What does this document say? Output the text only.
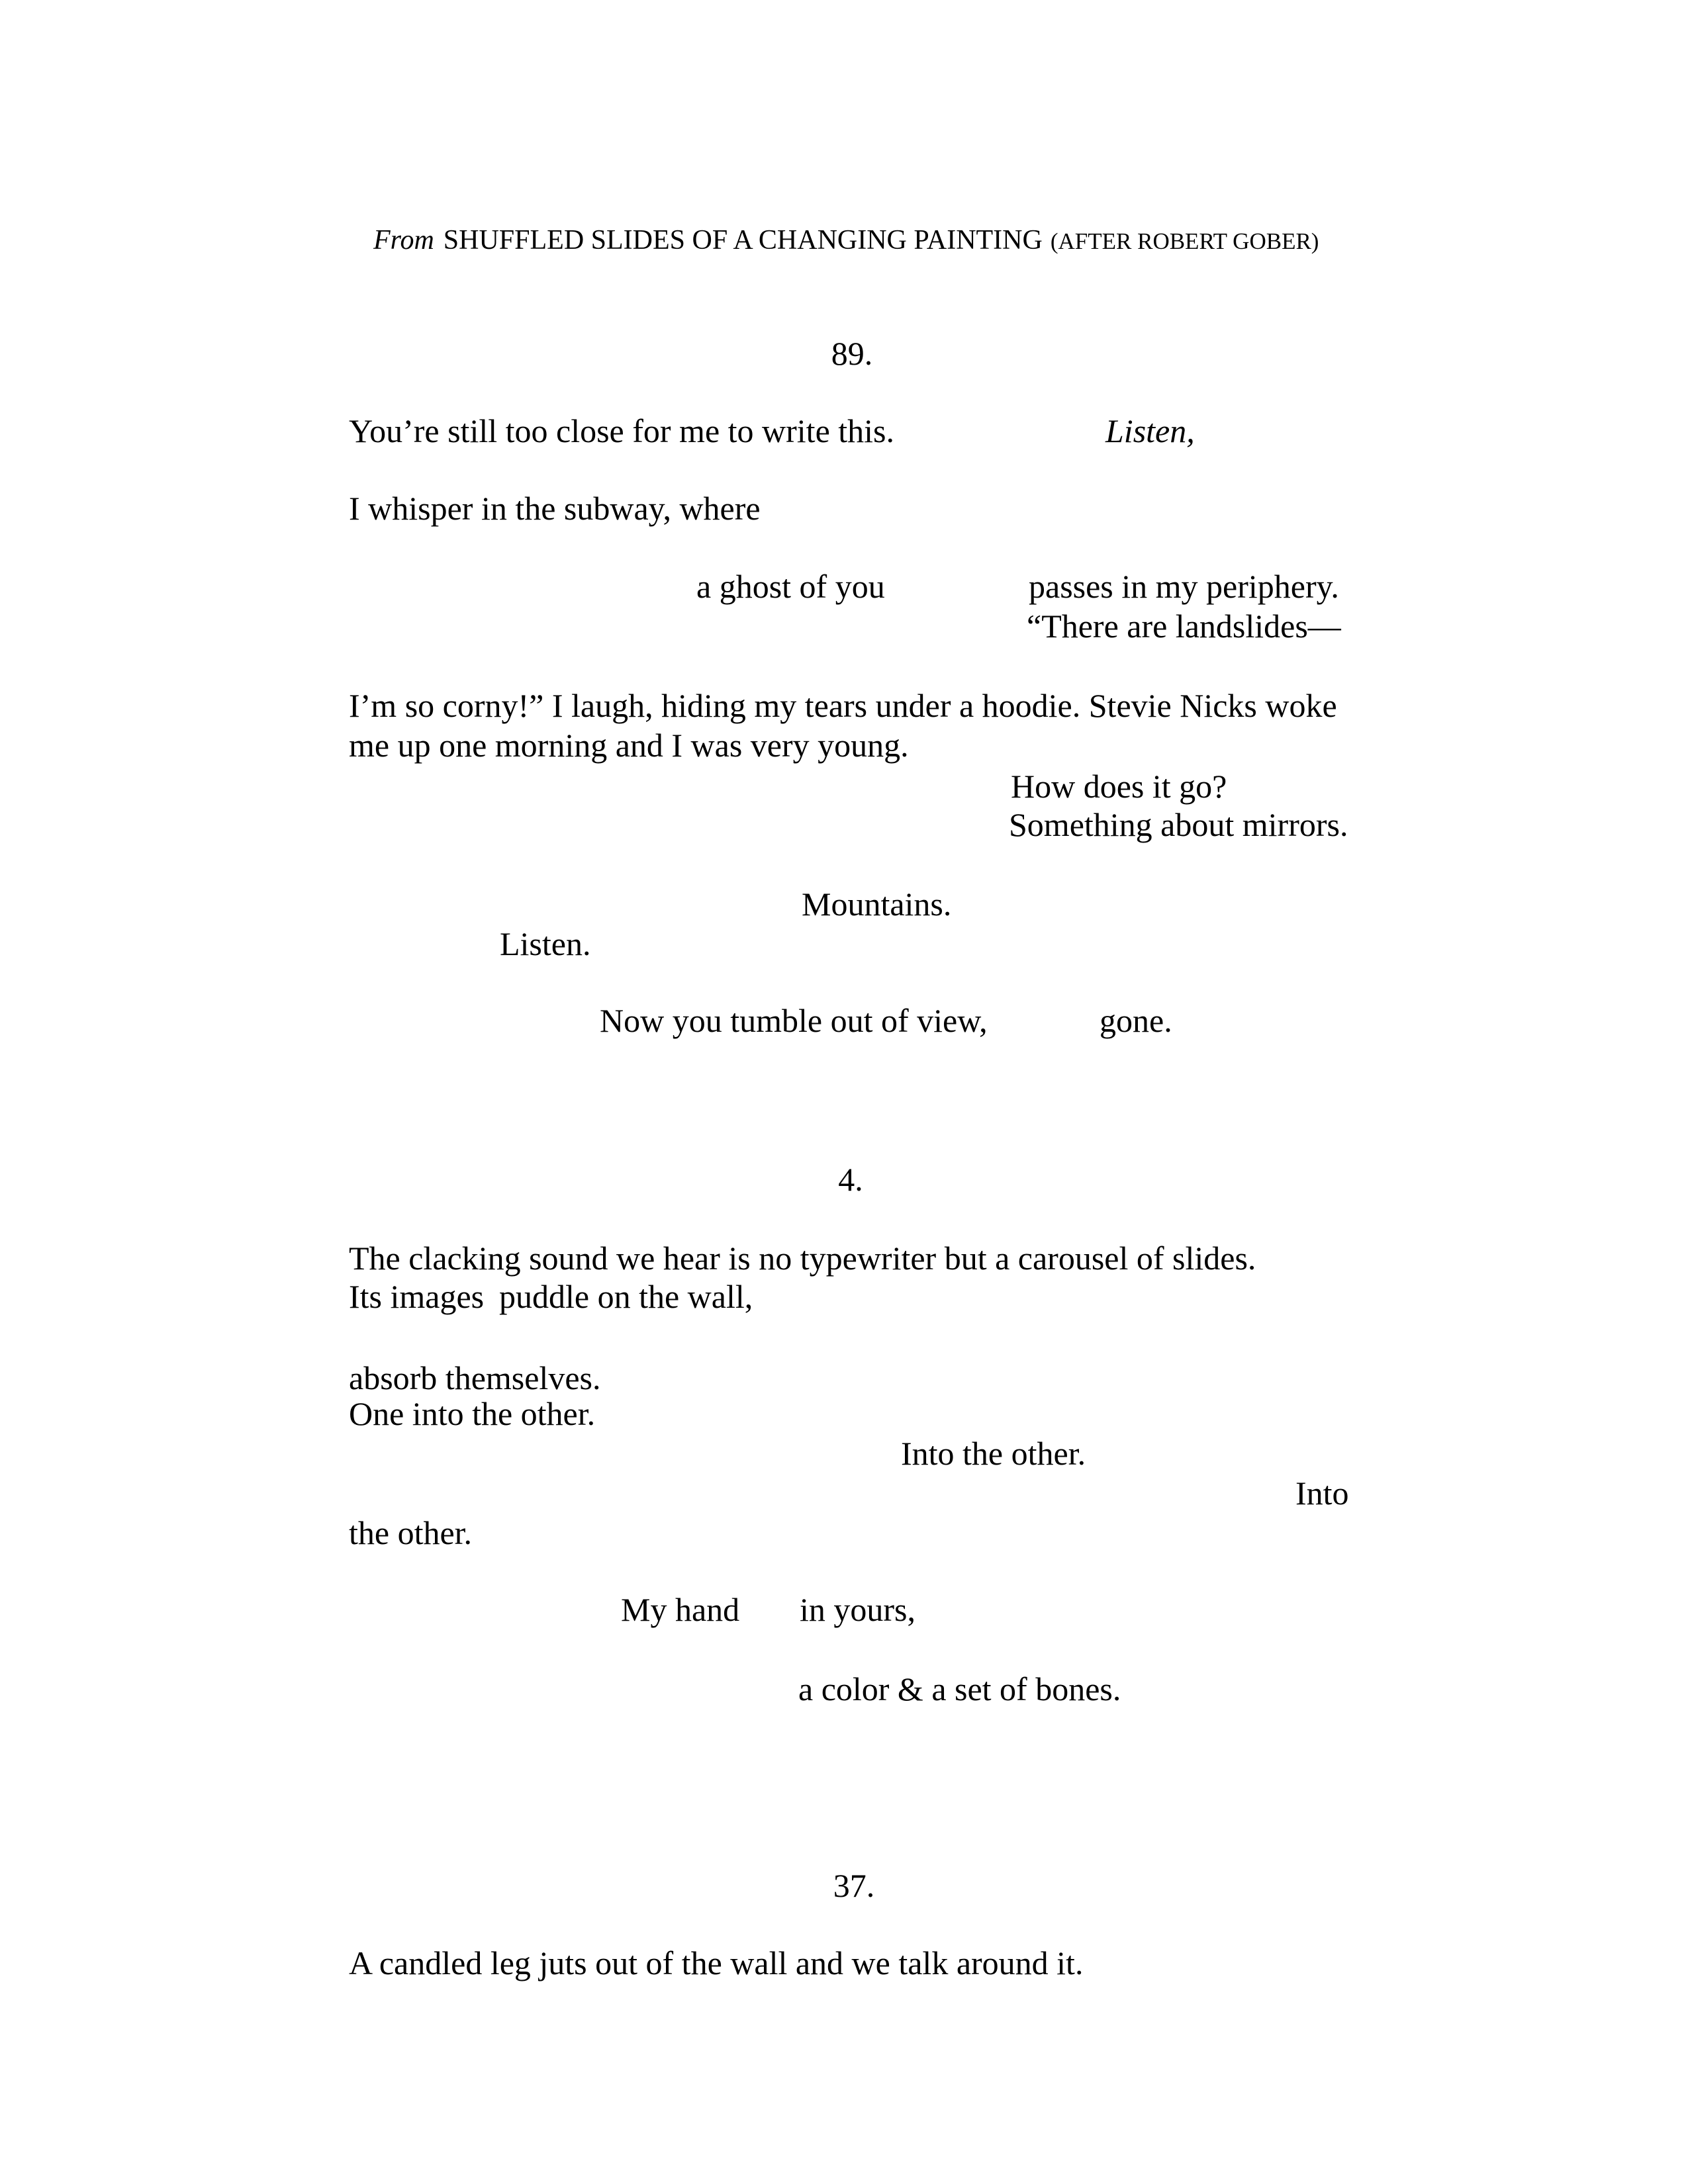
From SHUFFLED SLIDES OF A CHANGING PAINTING (AFTER ROBERT GOBER)
89.
You’re still too close for me to write this.	Listen,
I whisper in the subway, where
a ghost of you	passes in my periphery.
“There are landslides—
I’m so corny!” I laugh, hiding my tears under a hoodie. Stevie Nicks woke
me up one morning and I was very young.
How does it go?
Something about mirrors.
Mountains.
Listen.
Now you tumble out of view,	gone.
4.
The clacking sound we hear is no typewriter but a carousel of slides.
Its images puddle on the wall,
absorb themselves.
One into the other.
Into the other.
Into
the other.
My hand in yours,
a color & a set of bones.
37.
A candled leg juts out of the wall and we talk around it.
